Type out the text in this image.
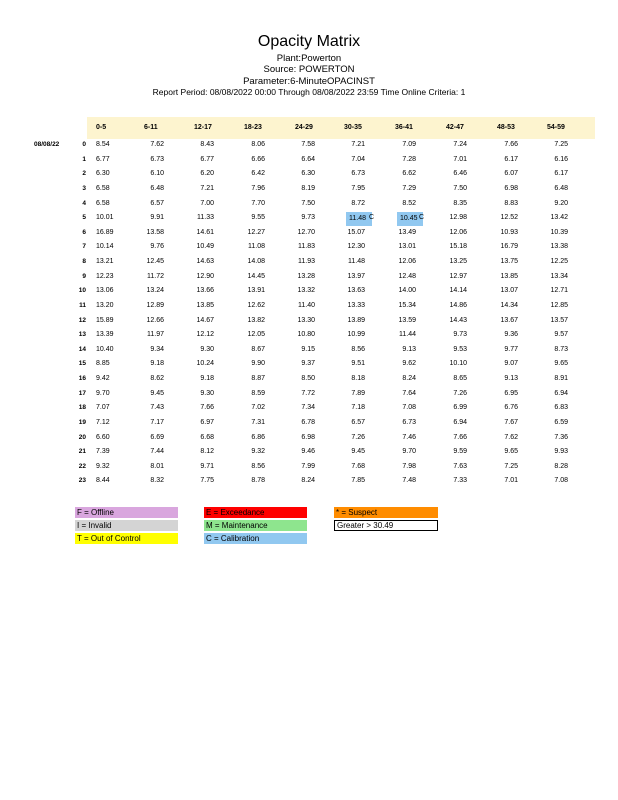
Opacity Matrix
Plant:Powerton
Source: POWERTON
Parameter:6-MinuteOPACINST
Report Period: 08/08/2022 00:00 Through 08/08/2022 23:59 Time Online Criteria: 1
0-5	6-11	12-17	18-23	24-29	30-35	36-41	42-47	48-53	54-59
08/08/22	0 8.54	7.62	8.43	8.06	7.58	7.21	7.09	7.24	7.66	7.25
1 6.77	6.73	6.77	6.66	6.64	7.04	7.28	7.01	6.17	6.16
2 6.30	6.10	6.20	6.42	6.30	6.73	6.62	6.46	6.07	6.17
3 6.58	6.48	7.21	7.96	8.19	7.95	7.29	7.50	6.98	6.48
4 6.58	6.57	7.00	7.70	7.50	8.72	8.52	8.35	8.83	9.20
5 10.01	9.91	11.33	9.55	9.73	11.48 C	10.45 C	12.98	12.52	13.42
6 16.89	13.58	14.61	12.27	12.70	15.07	13.49	12.06	10.93	10.39
7 10.14	9.76	10.49	11.08	11.83	12.30	13.01	15.18	16.79	13.38
8 13.21	12.45	14.63	14.08	11.93	11.48	12.06	13.25	13.75	12.25
9 12.23	11.72	12.90	14.45	13.28	13.97	12.48	12.97	13.85	13.34
10 13.06	13.24	13.66	13.91	13.32	13.63	14.00	14.14	13.07	12.71
11 13.20	12.89	13.85	12.62	11.40	13.33	15.34	14.86	14.34	12.85
12 15.89	12.66	14.67	13.82	13.30	13.89	13.59	14.43	13.67	13.57
13 13.39	11.97	12.12	12.05	10.80	10.99	11.44	9.73	9.36	9.57
14 10.40	9.34	9.30	8.67	9.15	8.56	9.13	9.53	9.77	8.73
15 8.85	9.18	10.24	9.90	9.37	9.51	9.62	10.10	9.07	9.65
16 9.42	8.62	9.18	8.87	8.50	8.18	8.24	8.65	9.13	8.91
17 9.70	9.45	9.30	8.59	7.72	7.89	7.64	7.26	6.95	6.94
18 7.07	7.43	7.66	7.02	7.34	7.18	7.08	6.99	6.76	6.83
19 7.12	7.17	6.97	7.31	6.78	6.57	6.73	6.94	7.67	6.59
20 6.60	6.69	6.68	6.86	6.98	7.26	7.46	7.66	7.62	7.36
21 7.39	7.44	8.12	9.32	9.46	9.45	9.70	9.59	9.65	9.93
22 9.32	8.01	9.71	8.56	7.99	7.68	7.98	7.63	7.25	8.28
23 8.44	8.32	7.75	8.78	8.24	7.85	7.48	7.33	7.01	7.08
F = Offline
I = Invalid
T = Out of Control
E = Exceedance
M = Maintenance
C = Calibration
* = Suspect
Greater > 30.49
